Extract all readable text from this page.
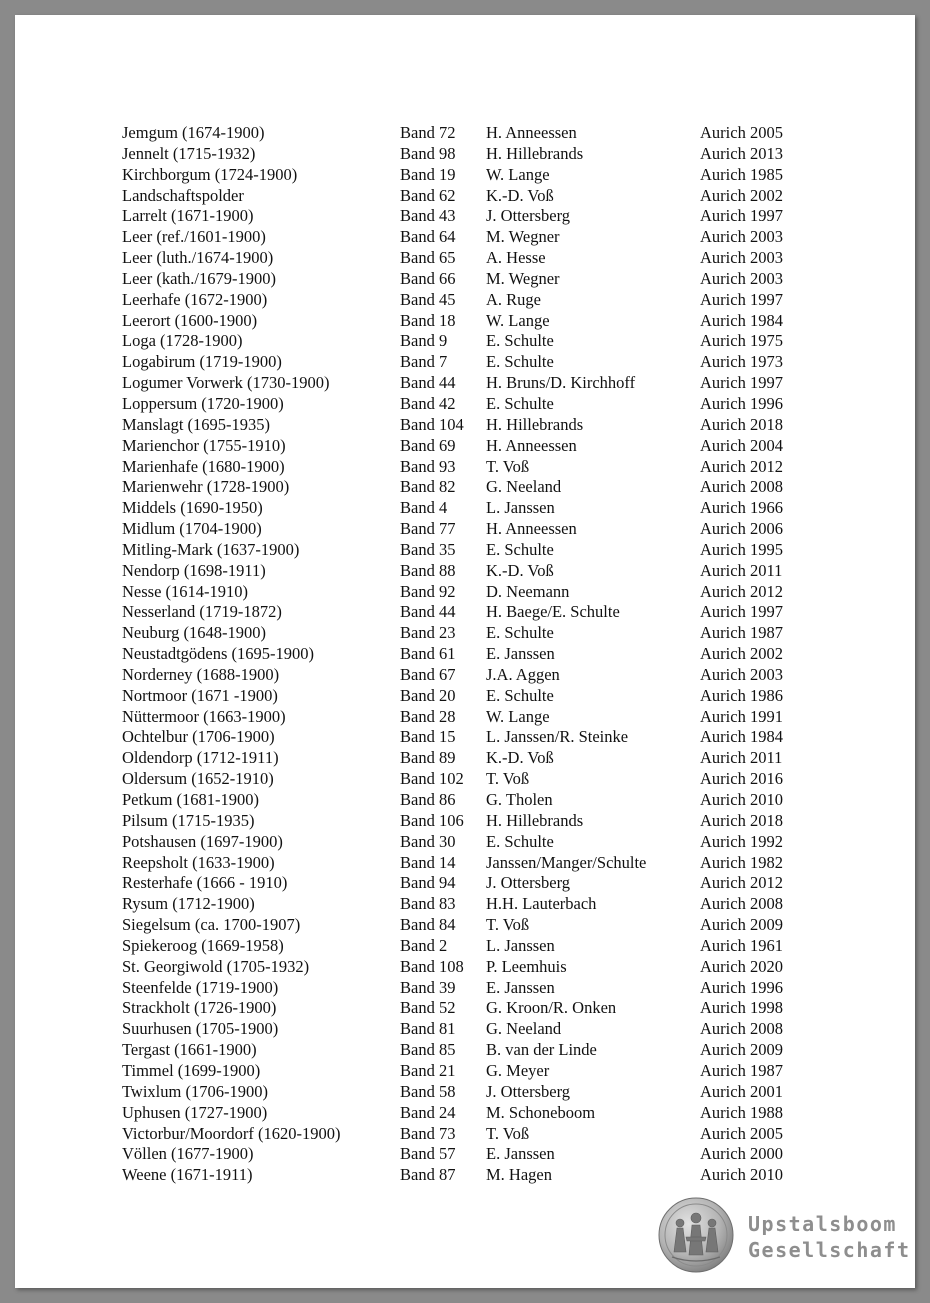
Jemgum (1674-1900)	Band 72 H. Anneessen	Aurich 2005
Jennelt (1715-1932)	Band 98 H. Hillebrands	Aurich 2013
Kirchborgum (1724-1900)	Band 19 W. Lange	Aurich 1985
Landschaftspolder	Band 62 K.-D. Voß	Aurich 2002
Larrelt (1671-1900)	Band 43 J. Ottersberg	Aurich 1997
Leer (ref./1601-1900)	Band 64 M. Wegner	Aurich 2003
Leer (luth./1674-1900)	Band 65 A. Hesse	Aurich 2003
Leer (kath./1679-1900)	Band 66 M. Wegner	Aurich 2003
Leerhafe (1672-1900)	Band 45 A. Ruge	Aurich 1997
Leerort (1600-1900)	Band 18 W. Lange	Aurich 1984
Loga (1728-1900)	Band 9 E. Schulte	Aurich 1975
Logabirum (1719-1900)	Band 7 E. Schulte	Aurich 1973
Logumer Vorwerk (1730-1900)	Band 44 H. Bruns/D. Kirchhoff	Aurich 1997
Loppersum (1720-1900)	Band 42 E. Schulte	Aurich 1996
Manslagt (1695-1935)	Band 104 H. Hillebrands	Aurich 2018
Marienchor (1755-1910)	Band 69 H. Anneessen	Aurich 2004
Marienhafe (1680-1900)	Band 93 T. Voß	Aurich 2012
Marienwehr (1728-1900)	Band 82 G. Neeland	Aurich 2008
Middels (1690-1950)	Band 4 L. Janssen	Aurich 1966
Midlum (1704-1900)	Band 77 H. Anneessen	Aurich 2006
Mitling-Mark (1637-1900)	Band 35 E. Schulte	Aurich 1995
Nendorp (1698-1911)	Band 88 K.-D. Voß	Aurich 2011
Nesse (1614-1910)	Band 92 D. Neemann	Aurich 2012
Nesserland (1719-1872)	Band 44 H. Baege/E. Schulte	Aurich 1997
Neuburg (1648-1900)	Band 23 E. Schulte	Aurich 1987
Neustadtgödens (1695-1900)	Band 61 E. Janssen	Aurich 2002
Norderney (1688-1900)	Band 67 J.A. Aggen	Aurich 2003
Nortmoor (1671 -1900)	Band 20 E. Schulte	Aurich 1986
Nüttermoor (1663-1900)	Band 28 W. Lange	Aurich 1991
Ochtelbur (1706-1900)	Band 15 L. Janssen/R. Steinke	Aurich 1984
Oldendorp (1712-1911)	Band 89 K.-D. Voß	Aurich 2011
Oldersum (1652-1910)	Band 102 T. Voß	Aurich 2016
Petkum (1681-1900)	Band 86 G. Tholen	Aurich 2010
Pilsum (1715-1935)	Band 106 H. Hillebrands	Aurich 2018
Potshausen (1697-1900)	Band 30 E. Schulte	Aurich 1992
Reepsholt (1633-1900)	Band 14 Janssen/Manger/Schulte	Aurich 1982
Resterhafe (1666 - 1910)	Band 94 J. Ottersberg	Aurich 2012
Rysum (1712-1900)	Band 83 H.H. Lauterbach	Aurich 2008
Siegelsum (ca. 1700-1907)	Band 84 T. Voß	Aurich 2009
Spiekeroog (1669-1958)	Band 2 L. Janssen	Aurich 1961
St. Georgiwold (1705-1932)	Band 108 P. Leemhuis	Aurich 2020
Steenfelde (1719-1900)	Band 39 E. Janssen	Aurich 1996
Strackholt (1726-1900)	Band 52 G. Kroon/R. Onken	Aurich 1998
Suurhusen (1705-1900)	Band 81 G. Neeland	Aurich 2008
Tergast (1661-1900)	Band 85 B. van der Linde	Aurich 2009
Timmel (1699-1900)	Band 21 G. Meyer	Aurich 1987
Twixlum (1706-1900)	Band 58 J. Ottersberg	Aurich 2001
Uphusen (1727-1900)	Band 24 M. Schoneboom	Aurich 1988
Victorbur/Moordorf (1620-1900)	Band 73 T. Voß	Aurich 2005
Völlen (1677-1900)	Band 57 E. Janssen	Aurich 2000
Weene (1671-1911)	Band 87 M. Hagen	Aurich 2010
Upstalsboom
Gesellschaft
